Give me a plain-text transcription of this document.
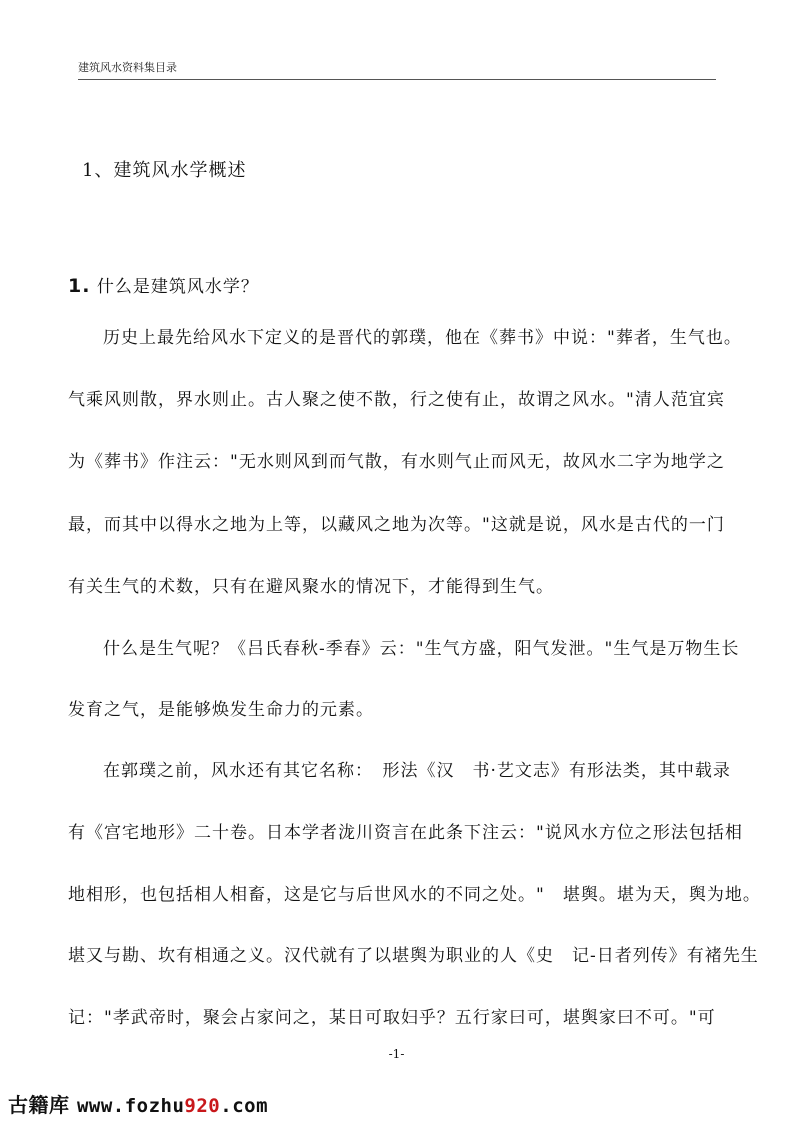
建筑风水资料集目录
1、建筑风水学概述
1. 什么是建筑风水学？
历史上最先给风水下定义的是晋代的郭璞，他在《葬书》中说："葬者，生气也。
气乘风则散，界水则止。古人聚之使不散，行之使有止，故谓之风水。"清人范宜宾
为《葬书》作注云："无水则风到而气散，有水则气止而风无，故风水二字为地学之
最，而其中以得水之地为上等，以藏风之地为次等。"这就是说，风水是古代的一门
有关生气的术数，只有在避风聚水的情况下，才能得到生气。
什么是生气呢？《吕氏春秋-季春》云："生气方盛，阳气发泄。"生气是万物生长
发育之气，是能够焕发生命力的元素。
在郭璞之前，风水还有其它名称：　形法《汉　书·艺文志》有形法类，其中载录
有《宫宅地形》二十卷。日本学者泷川资言在此条下注云："说风水方位之形法包括相
地相形，也包括相人相畜，这是它与后世风水的不同之处。"　堪舆。堪为天，舆为地。
堪又与勘、坎有相通之义。汉代就有了以堪舆为职业的人《史　记-日者列传》有褚先生
记："孝武帝时，聚会占家问之，某日可取妇乎？五行家曰可，堪舆家曰不可。"可
-1-
古籍库 www.fozhu920.com
